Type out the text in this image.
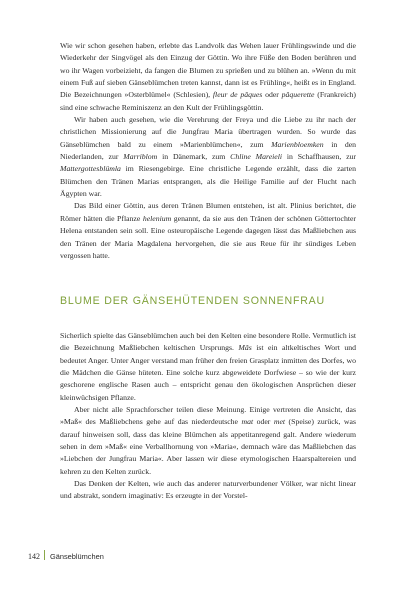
Wie wir schon gesehen haben, erlebte das Landvolk das Wehen lauer Frühlingswinde und die Wiederkehr der Singvögel als den Einzug der Göttin. Wo ihre Füße den Boden berühren und wo ihr Wagen vorbeizieht, da fangen die Blumen zu sprießen und zu blühen an. »Wenn du mit einem Fuß auf sieben Gänseblümchen treten kannst, dann ist es Frühling«, heißt es in England. Die Bezeichnungen »Osterblümel« (Schlesien), fleur de pâques oder pâquerette (Frankreich) sind eine schwache Reminiszenz an den Kult der Frühlingsgöttin.

Wir haben auch gesehen, wie die Verehrung der Freya und die Liebe zu ihr nach der christlichen Missionierung auf die Jungfrau Maria übertragen wurden. So wurde das Gänseblümchen bald zu einem »Marienblümchen«, zum Marienbloemken in den Niederlanden, zur Marriblom in Dänemark, zum Chline Mareieli in Schaffhausen, zur Mattergottesblümla im Riesengebirge. Eine christliche Legende erzählt, dass die zarten Blümchen den Tränen Marias entsprangen, als die Heilige Familie auf der Flucht nach Ägypten war.

Das Bild einer Göttin, aus deren Tränen Blumen entstehen, ist alt. Plinius berichtet, die Römer hätten die Pflanze helenium genannt, da sie aus den Tränen der schönen Göttertochter Helena entstanden sein soll. Eine osteuropäische Legende dagegen lässt das Maßliebchen aus den Tränen der Maria Magdalena hervorgehen, die sie aus Reue für ihr sündiges Leben vergossen hatte.

BLUME DER GÄNSEHÜTENDEN SONNENFRAU

Sicherlich spielte das Gänseblümchen auch bei den Kelten eine besondere Rolle. Vermutlich ist die Bezeichnung Maßliebchen keltischen Ursprungs. Mâs ist ein altkeltisches Wort und bedeutet Anger. Unter Anger verstand man früher den freien Grasplatz inmitten des Dorfes, wo die Mädchen die Gänse hüteten. Eine solche kurz abgeweidete Dorfwiese – so wie der kurz geschorene englische Rasen auch – entspricht genau den ökologischen Ansprüchen dieser kleinwüchsigen Pflanze.

Aber nicht alle Sprachforscher teilen diese Meinung. Einige vertreten die Ansicht, das »Maß« des Maßliebchens gehe auf das niederdeutsche mat oder met (Speise) zurück, was darauf hinweisen soll, dass das kleine Blümchen als appetitanregend galt. Andere wiederum sehen in dem »Maß« eine Verballhornung von »Maria«, demnach wäre das Maßliebchen das »Liebchen der Jungfrau Maria«. Aber lassen wir diese etymologischen Haarspaltereien und kehren zu den Kelten zurück.

Das Denken der Kelten, wie auch das anderer naturverbundener Völker, war nicht linear und abstrakt, sondern imaginativ: Es erzeugte in der Vorstel-

142 Gänseblümchen
